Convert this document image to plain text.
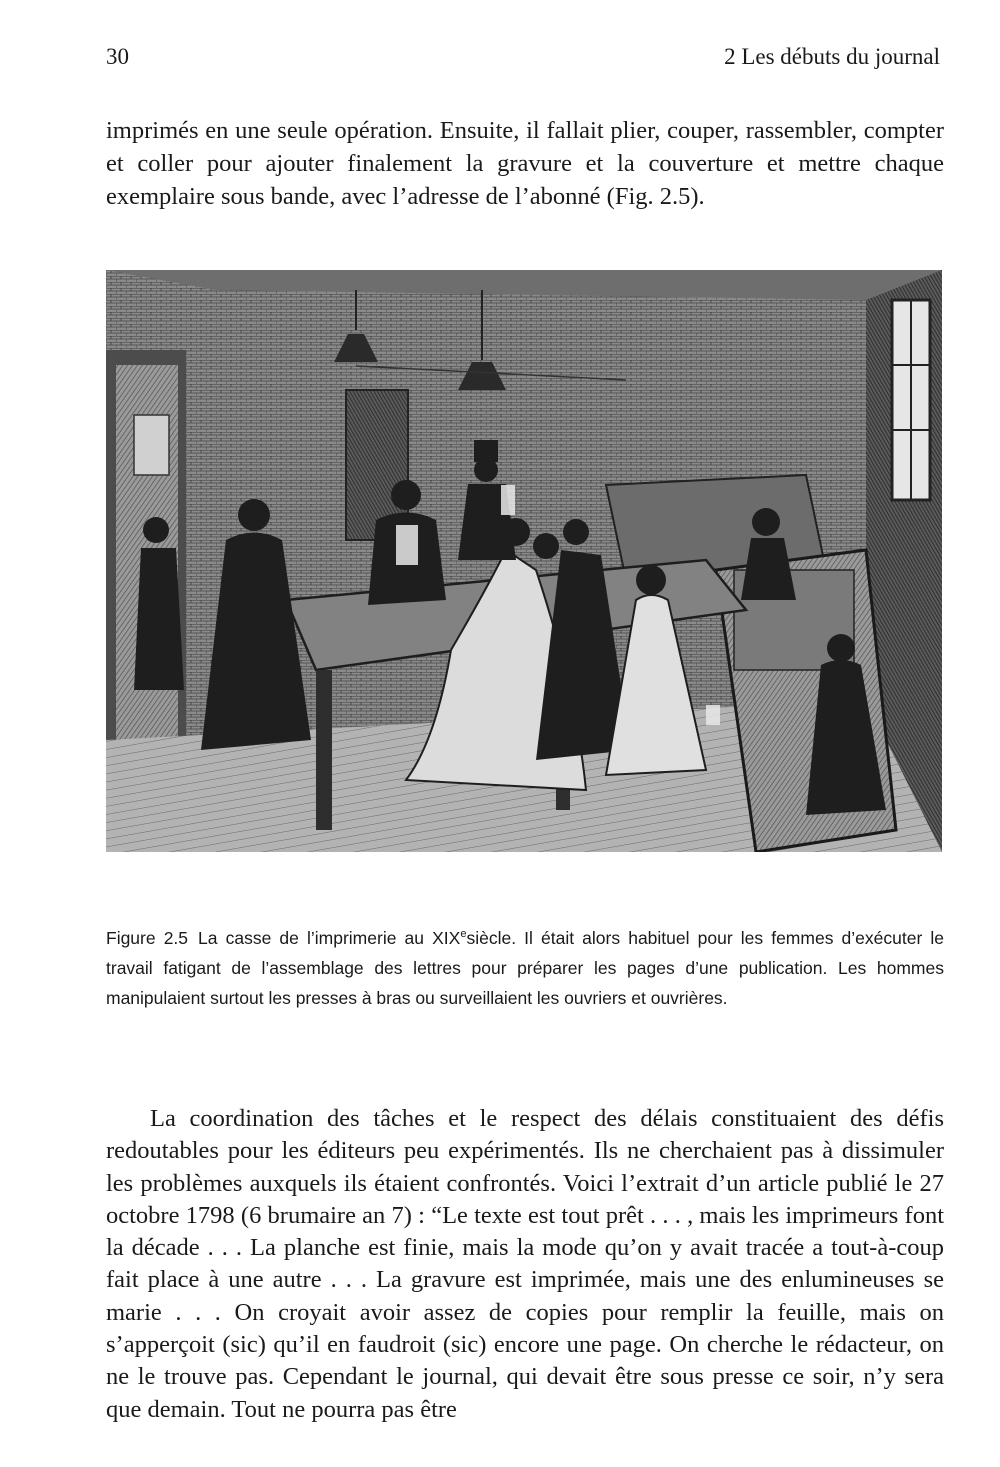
30	2 Les débuts du journal

imprimés en une seule opération. Ensuite, il fallait plier, couper, rassembler, compter et coller pour ajouter finalement la gravure et la couverture et mettre chaque exemplaire sous bande, avec l’adresse de l’abonné (Fig. 2.5).

Figure 2.5 La casse de l’imprimerie au XIXesiècle. Il était alors habituel pour les femmes d’exécuter le travail fatigant de l’assemblage des lettres pour préparer les pages d’une publication. Les hommes manipulaient surtout les presses à bras ou surveillaient les ouvriers et ouvrières.

La coordination des tâches et le respect des délais constituaient des défis redoutables pour les éditeurs peu expérimentés. Ils ne cherchaient pas à dissimuler les problèmes auxquels ils étaient confrontés. Voici l’extrait d’un article publié le 27 octobre 1798 (6 brumaire an 7) : “Le texte est tout prêt . . . , mais les imprimeurs font la décade . . . La planche est finie, mais la mode qu’on y avait tracée a tout-à-coup fait place à une autre . . . La gravure est imprimée, mais une des enlumineuses se marie . . . On croyait avoir assez de copies pour remplir la feuille, mais on s’apperçoit (sic) qu’il en faudroit (sic) encore une page. On cherche le rédacteur, on ne le trouve pas. Cependant le journal, qui devait être sous presse ce soir, n’y sera que demain. Tout ne pourra pas être
